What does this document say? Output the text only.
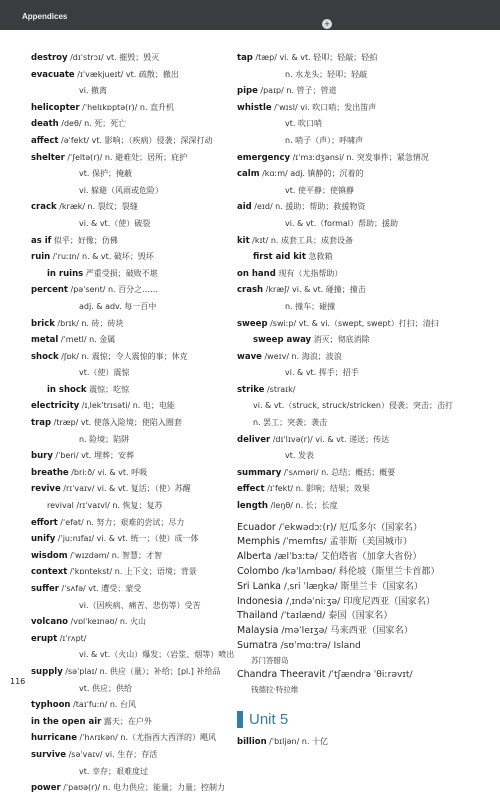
Appendices
+
destroy /dɪˈstrɔɪ/ vt. 摧毁；毁灭
evacuate /ɪˈvækjueɪt/ vt. 疏散；撤出
vi. 撤离
helicopter /ˈhelɪkɒptə(r)/ n. 直升机
death /deθ/ n. 死；死亡
affect /əˈfekt/ vt. 影响；（疾病）侵袭；深深打动
shelter /ˈʃeltə(r)/ n. 避难处；居所；庇护
vt. 保护；掩蔽
vi. 躲避（风雨或危险）
crack /kræk/ n. 裂纹；裂缝
vi. & vt.（使）破裂
as if 似乎；好像；仿佛
ruin /ˈruːɪn/ n. & vt. 破坏；毁坏
in ruins 严重受损；破败不堪
percent /pəˈsent/ n. 百分之……
adj. & adv. 每一百中
brick /brɪk/ n. 砖；砖块
metal /ˈmetl/ n. 金属
shock /ʃɒk/ n. 震惊；令人震惊的事；休克
vt.（使）震惊
in shock 震惊；吃惊
electricity /ɪˌlekˈtrɪsəti/ n. 电；电能
trap /træp/ vt. 使落入险境；使陷入圈套
n. 险境；陷阱
bury /ˈberi/ vt. 埋葬；安葬
breathe /briːð/ vi. & vt. 呼吸
revive /rɪˈvaɪv/ vi. & vt. 复活；（使）苏醒
revival /rɪˈvaɪvl/ n. 恢复；复苏
effort /ˈefət/ n. 努力；艰难的尝试；尽力
unify /ˈjuːnɪfaɪ/ vi. & vt. 统一；（使）成一体
wisdom /ˈwɪzdəm/ n. 智慧；才智
context /ˈkɒntekst/ n. 上下文；语境；背景
suffer /ˈsʌfə/ vt. 遭受；蒙受
vi.（因疾病、痛苦、悲伤等）受苦
volcano /vɒlˈkeɪnəʊ/ n. 火山
erupt /ɪˈrʌpt/
vi. & vt.（火山）爆发；（岩浆、烟等）喷出
supply /səˈplaɪ/ n. 供应（量）；补给；[pl.] 补给品
vt. 供应；供给
typhoon /taɪˈfuːn/ n. 台风
in the open air 露天；在户外
hurricane /ˈhʌrɪkən/ n.（尤指西大西洋的）飓风
survive /səˈvaɪv/ vi. 生存；存活
vt. 幸存；艰难度过
power /ˈpaʊə(r)/ n. 电力供应；能量；力量；控制力
tap /tæp/ vi. & vt. 轻叩；轻敲；轻拍
n. 水龙头；轻叩；轻敲
pipe /paɪp/ n. 管子；管道
whistle /ˈwɪsl/ vi. 吹口哨；发出笛声
vt. 吹口哨
n. 哨子（声）；呼啸声
emergency /ɪˈmɜːdʒənsi/ n. 突发事件；紧急情况
calm /kɑːm/ adj. 镇静的；沉着的
vt. 使平静；使镇静
aid /eɪd/ n. 援助；帮助；救援物资
vi. & vt.（formal）帮助；援助
kit /kɪt/ n. 成套工具；成套设备
first aid kit 急救箱
on hand 现有（尤指帮助）
crash /kræʃ/ vi. & vt. 碰撞；撞击
n. 撞车；碰撞
sweep /swiːp/ vt. & vi.（swept, swept）打扫；清扫
sweep away 消灭；彻底消除
wave /weɪv/ n. 海浪；波浪
vi. & vt. 挥手；招手
strike /straɪk/
vi. & vt.（struck, struck/stricken）侵袭；突击；击打
n. 罢工；突袭；袭击
deliver /dɪˈlɪvə(r)/ vi. & vt. 递送；传达
vt. 发表
summary /ˈsʌməri/ n. 总结；概括；概要
effect /ɪˈfekt/ n. 影响；结果；效果
length /leŋθ/ n. 长；长度
Ecuador /ˈekwədɔː(r)/ 厄瓜多尔（国家名）
Memphis /ˈmemfɪs/ 孟菲斯（美国城市）
Alberta /ælˈbɜːtə/ 艾伯塔省（加拿大省份）
Colombo /kəˈlʌmbəʊ/ 科伦坡（斯里兰卡首都）
Sri Lanka /ˌsri ˈlæŋkə/ 斯里兰卡（国家名）
Indonesia /ˌɪndəˈniːʒə/ 印度尼西亚（国家名）
Thailand /ˈtaɪlænd/ 泰国（国家名）
Malaysia /məˈleɪʒə/ 马来西亚（国家名）
Sumatra /sʊˈmɑːtrə/ Island
苏门答腊岛
Chandra Theeravit /ˈtʃændrə ˈθiːrəvɪt/
钱德拉·特拉维
Unit 5
billion /ˈbɪljən/ n. 十亿
116
